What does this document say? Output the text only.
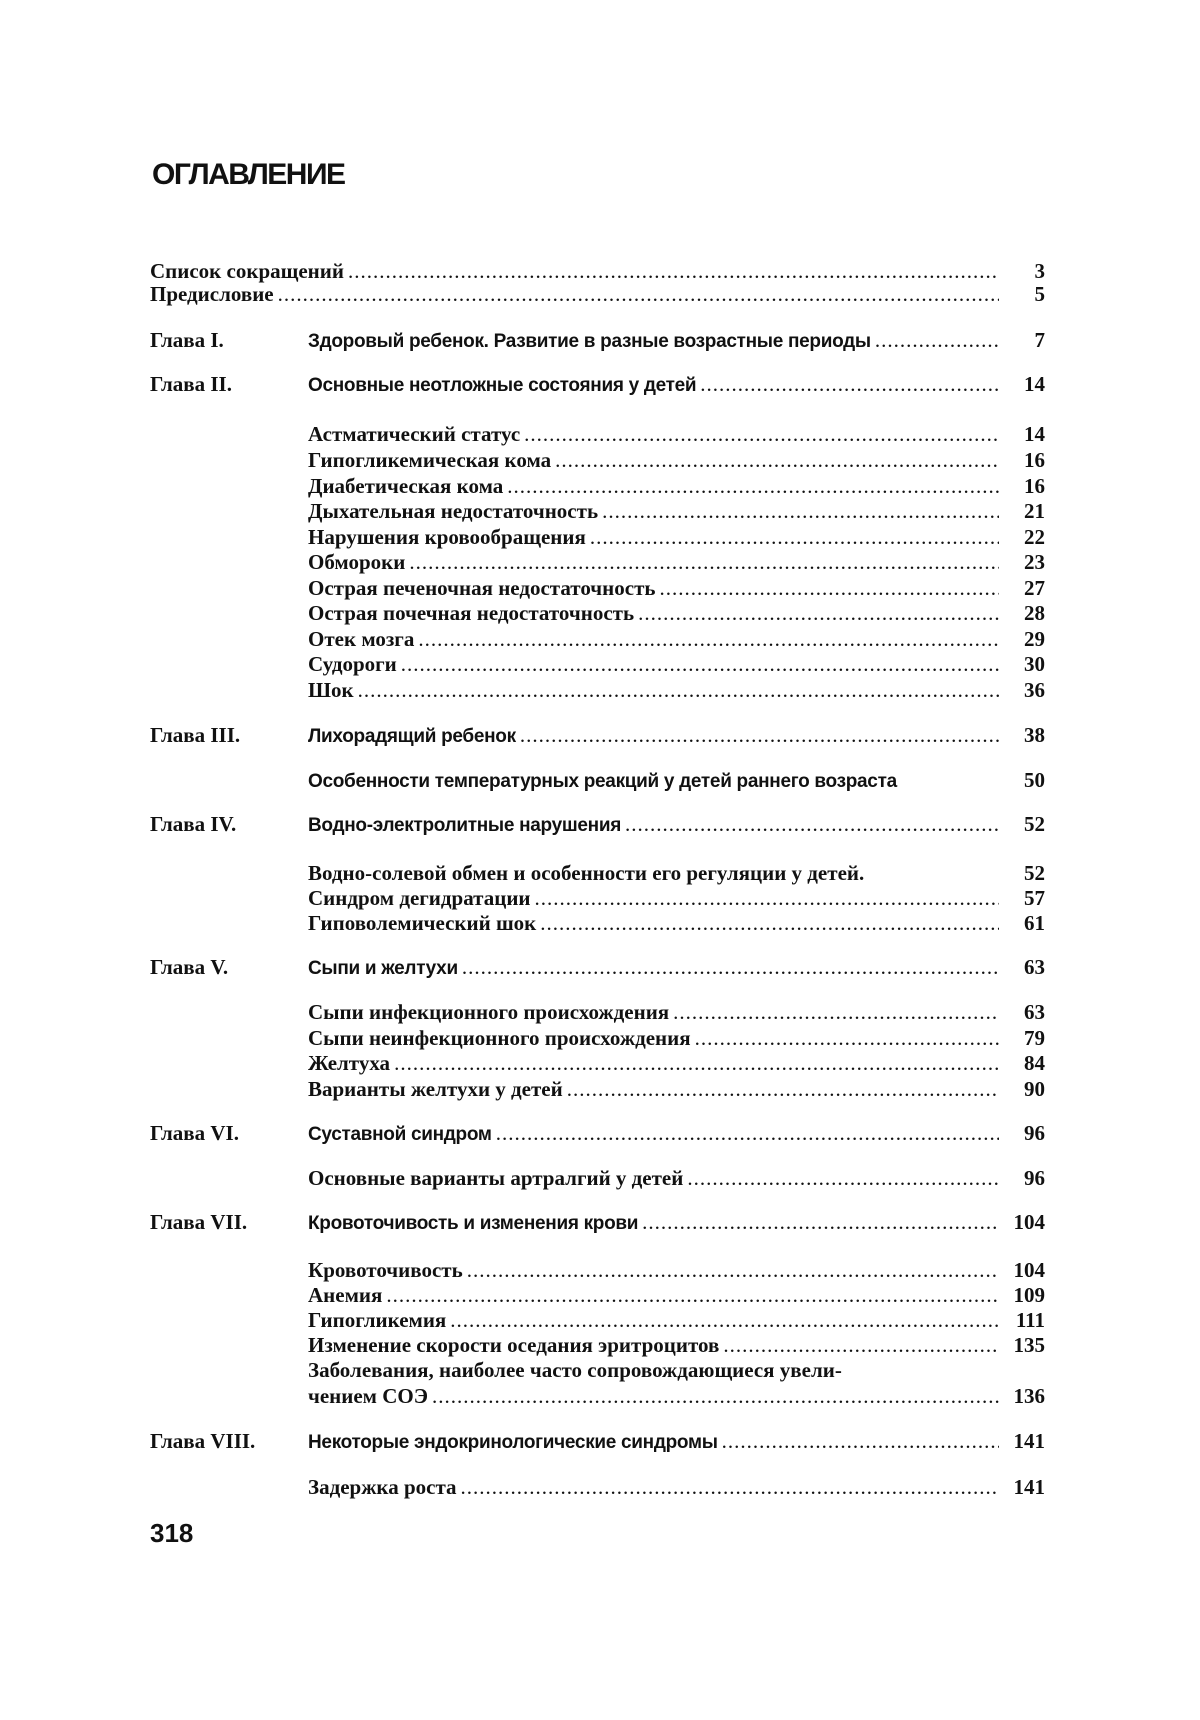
ОГЛАВЛЕНИЕ
Список сокращений .....	3
Предисловие .....	5
Глава I.	Здоровый ребенок. Развитие в разные возрастные периоды .....	7
Глава II.	Основные неотложные состояния у детей .....	14
Астматический статус .....	14
Гипогликемическая кома .....	16
Диабетическая кома .....	16
Дыхательная недостаточность .....	21
Нарушения кровообращения .....	22
Обмороки .....	23
Острая печеночная недостаточность .....	27
Острая почечная недостаточность .....	28
Отек мозга .....	29
Судороги .....	30
Шок .....	36
Глава III.	Лихорадящий ребенок .....	38
Особенности температурных реакций у детей раннего возраста	50
Глава IV.	Водно-электролитные нарушения .....	52
Водно-солевой обмен и особенности его регуляции у детей.	52
Синдром дегидратации .....	57
Гиповолемический шок .....	61
Глава V.	Сыпи и желтухи .....	63
Сыпи инфекционного происхождения .....	63
Сыпи неинфекционного происхождения .....	79
Желтуха .....	84
Варианты желтухи у детей .....	90
Глава VI.	Суставной синдром .....	96
Основные варианты артралгий у детей .....	96
Глава VII.	Кровоточивость и изменения крови .....	104
Кровоточивость .....	104
Анемия .....	109
Гипогликемия .....	111
Изменение скорости оседания эритроцитов .....	135
Заболевания, наиболее часто сопровождающиеся увели-
чением СОЭ .....	136
Глава VIII.	Некоторые эндокринологические синдромы .....	141
Задержка роста .....	141
318
